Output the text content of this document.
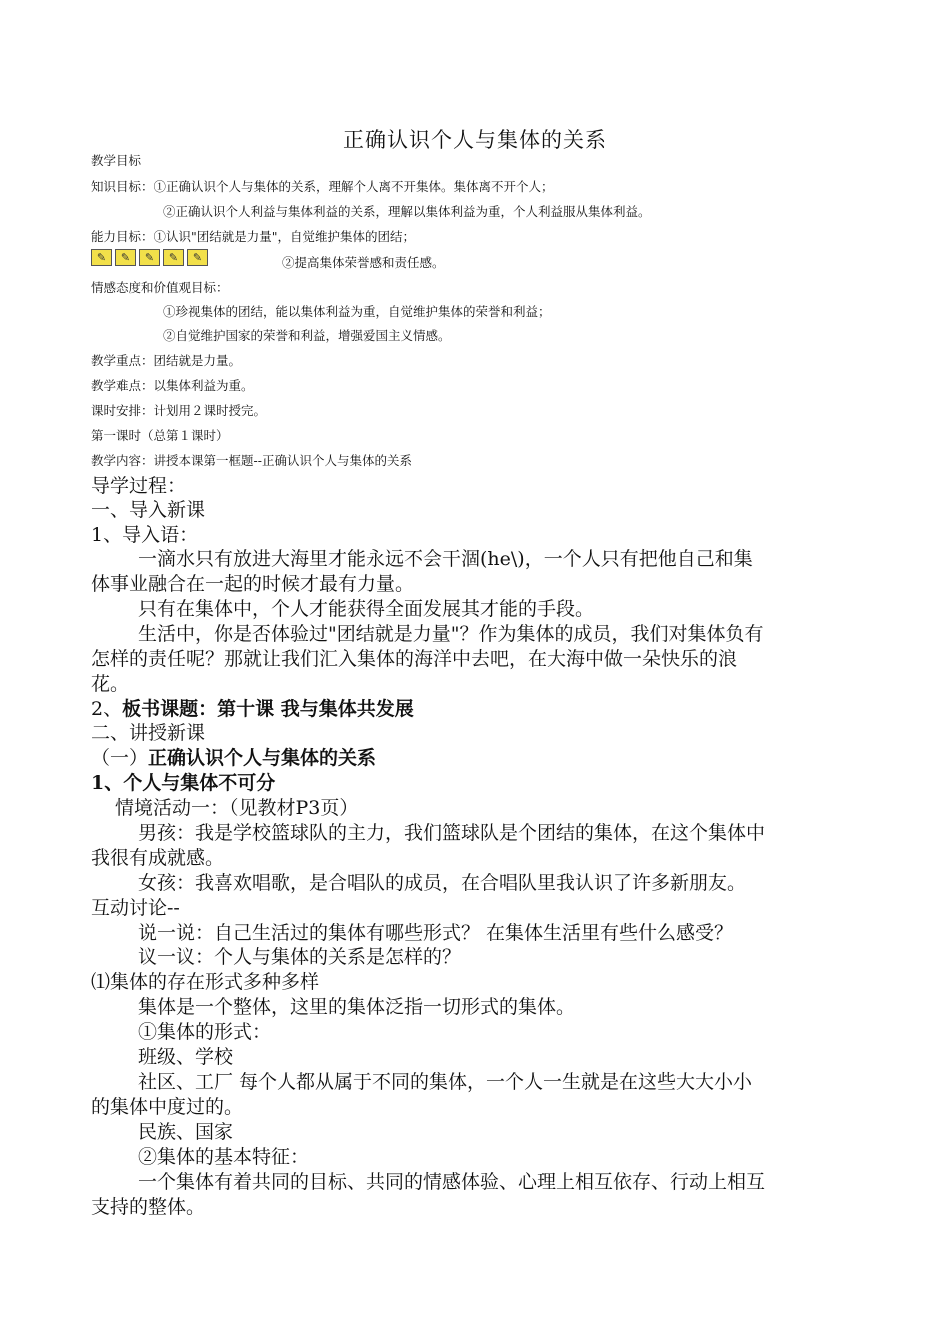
正确认识个人与集体的关系
教学目标
知识目标：①正确认识个人与集体的关系，理解个人离不开集体。集体离不开个人；
②正确认识个人利益与集体利益的关系，理解以集体利益为重，个人利益服从集体利益。
能力目标：①认识"团结就是力量"，自觉维护集体的团结；
✎	✎	✎	✎	✎	②提高集体荣誉感和责任感。
情感态度和价值观目标：
①珍视集体的团结，能以集体利益为重，自觉维护集体的荣誉和利益；
②自觉维护国家的荣誉和利益，增强爱国主义情感。
教学重点：团结就是力量。
教学难点：以集体利益为重。
课时安排：计划用２课时授完。
第一课时（总第１课时）
教学内容：讲授本课第一框题--正确认识个人与集体的关系
导学过程：
一、导入新课
1、导入语：
一滴水只有放进大海里才能永远不会干涸(he\)，一个人只有把他自己和集
体事业融合在一起的时候才最有力量。
只有在集体中，个人才能获得全面发展其才能的手段。
生活中，你是否体验过"团结就是力量"？作为集体的成员，我们对集体负有
怎样的责任呢？那就让我们汇入集体的海洋中去吧，在大海中做一朵快乐的浪
花。
2、板书课题：第十课 我与集体共发展
二、讲授新课
（一）正确认识个人与集体的关系
1、个人与集体不可分
情境活动一：（见教材P3页）
男孩：我是学校篮球队的主力，我们篮球队是个团结的集体，在这个集体中
我很有成就感。
女孩：我喜欢唱歌，是合唱队的成员，在合唱队里我认识了许多新朋友。
互动讨论--
说一说：自己生活过的集体有哪些形式？ 在集体生活里有些什么感受？
议一议：个人与集体的关系是怎样的？
⑴集体的存在形式多种多样
集体是一个整体，这里的集体泛指一切形式的集体。
①集体的形式：
班级、学校
社区、工厂 每个人都从属于不同的集体，一个人一生就是在这些大大小小
的集体中度过的。
民族、国家
②集体的基本特征：
一个集体有着共同的目标、共同的情感体验、心理上相互依存、行动上相互
支持的整体。
